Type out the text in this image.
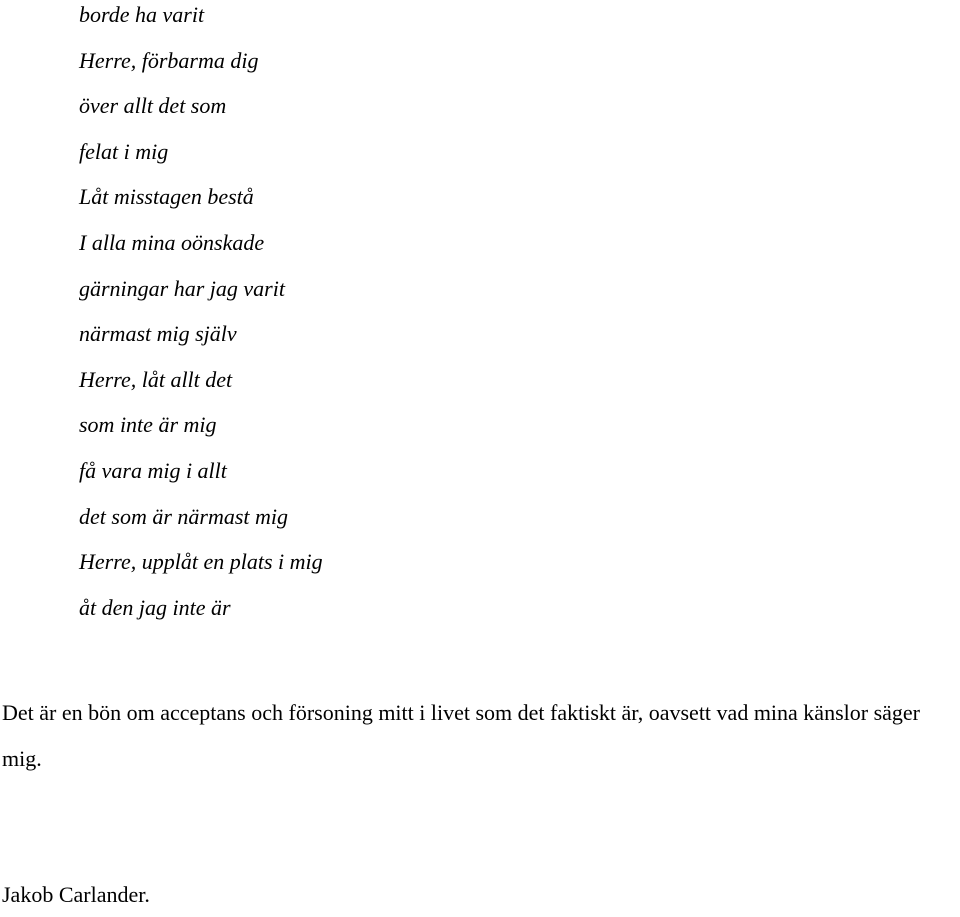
borde ha varit
Herre, förbarma dig
över allt det som
felat i mig
Låt misstagen bestå
I alla mina oönskade
gärningar har jag varit
närmast mig själv
Herre, låt allt det
som inte är mig
få vara mig i allt
det som är närmast mig
Herre, upplåt en plats i mig
åt den jag inte är

Det är en bön om acceptans och försoning mitt i livet som det faktiskt är, oavsett vad mina känslor säger mig.

Jakob Carlander.
